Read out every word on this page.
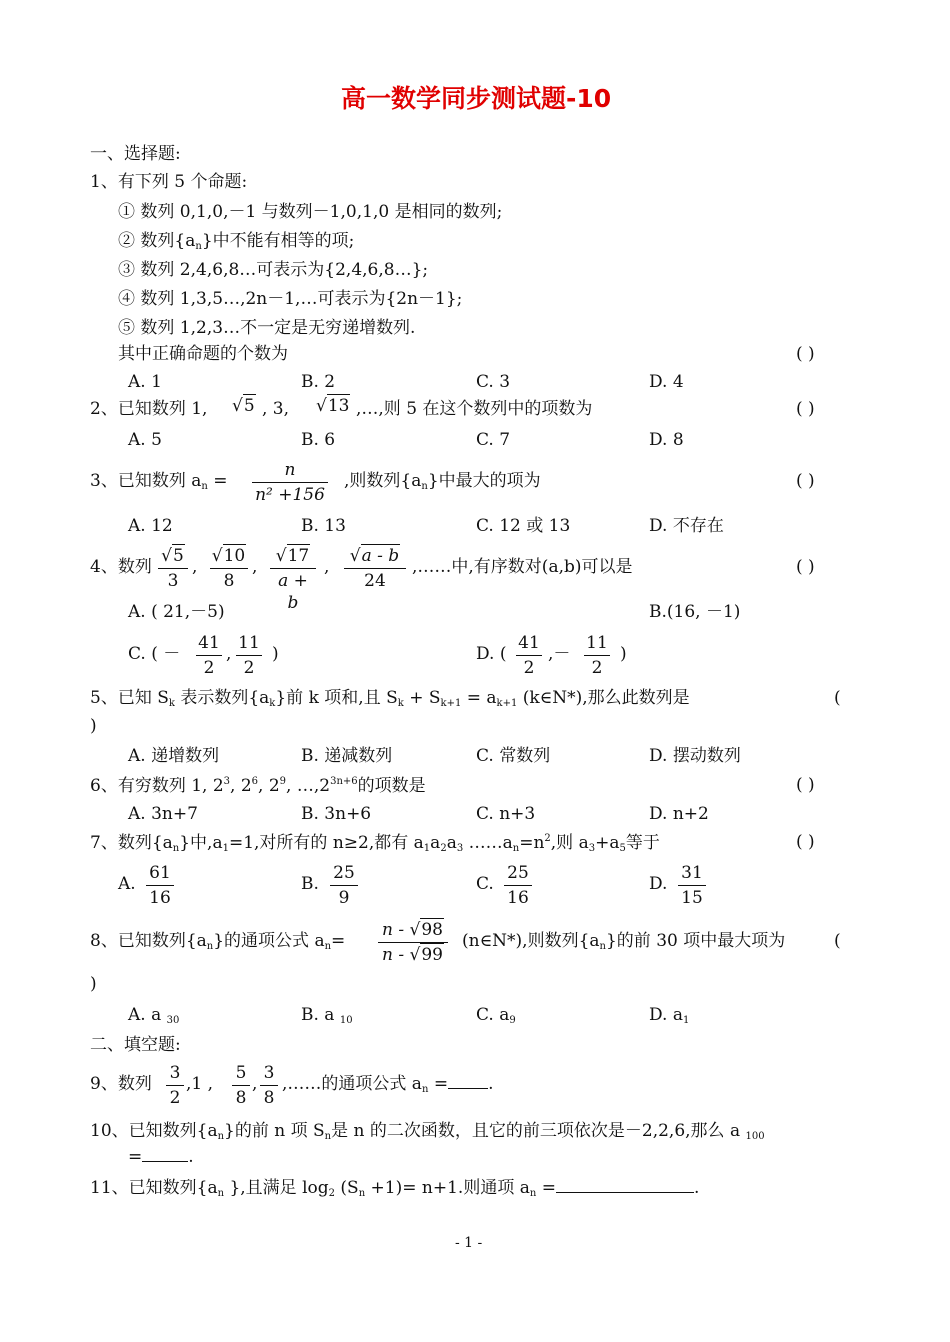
高一数学同步测试题-10
一、选择题:
1、有下列 5 个命题:
① 数列 0,1,0,－1 与数列－1,0,1,0 是相同的数列;
② 数列$\{a_n\}$中不能有相等的项;
③ 数列 2,4,6,8…可表示为{2,4,6,8…};
④ 数列 1,3,5…,2n－1,…可表示为{2n－1};
⑤ 数列 1,2,3…不一定是无穷递增数列.
其中正确命题的个数为	( )
A. 1	B. 2	C. 3	D. 4
2、已知数列 1, √5 , 3, √13 ,…,则 5 在这个数列中的项数为	( )
A. 5	B. 6	C. 7	D. 8
3、已知数列 $a_n$ =
n
n² +156
,则数列$\{a_n\}$中最大的项为	( )
A. 12	B. 13	C. 12 或 13	D. 不存在
4、数列
√5
3
,
√10
8
,
√17
a + b
,
√a - b
24
,……中,有序数对(a,b)可以是	( )
A. ( 21,－5)	B.(16, －1)
C. ( －
41
2
,
11
2
)	D. (
41
2
,－
11
2
)
5、已知 $S_k$ 表示数列$\{a_k\}$前 k 项和,且 $S_k + S_{k+1} = a_{k+1}$ (k∈N*),那么此数列是	(
)
A. 递增数列	B. 递减数列	C. 常数列	D. 摆动数列
6、有穷数列 1, $2^3$, $2^6$, $2^9$, $\dots,2^{3n+6}$的项数是	( )
A. 3n+7	B. 3n+6	C. n+3	D. n+2
7、数列$\{a_n\}$中$,a_1=1$,对所有的 n≥2,都有 $a_1a_2a_3$ $\dots\dots a_n=n^2$,则 $a_3+a_5$等于	( )
A.
61
16
B.
25
9
C.
25
16
D.
31
15
8、已知数列$\{a_n\}$的通项公式 $a_n=$
n - √98
n - √99
(n∈N*),则数列$\{a_n\}$的前 30 项中最大项为	(
)
A. a $_{30}$	B. a $_{10}$	C. $a_9$	D. $a_1$
二、填空题:
9、数列
3
2
,1 ,
5
8
,
3
8
,……的通项公式 $a_n$ = .
10、已知数列$\{a_n\}$的前 n 项 $S_n$是 n 的二次函数，且它的前三项依次是－2,2,6,那么 a $_{100}$
=	.
11、已知数列{$a_n$ },且满足 $\log_2 (S_n +1)= n+1$.则通项 $a_n$ =	.
- 1 -
